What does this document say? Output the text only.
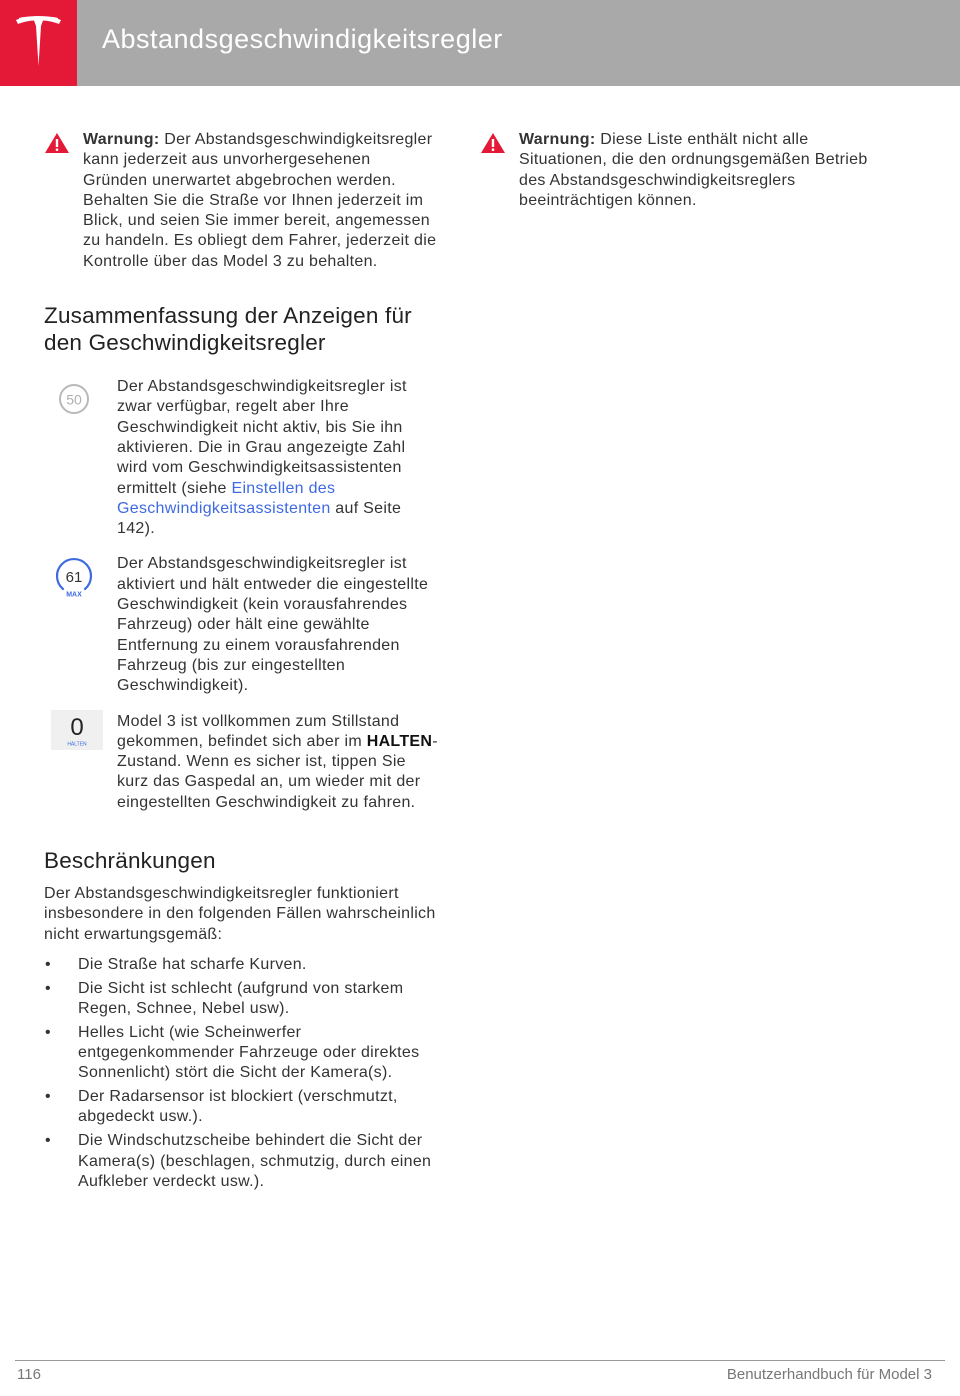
Abstandsgeschwindigkeitsregler

Warnung: Der Abstandsgeschwindigkeitsregler kann jederzeit aus unvorhergesehenen Gründen unerwartet abgebrochen werden. Behalten Sie die Straße vor Ihnen jederzeit im Blick, und seien Sie immer bereit, angemessen zu handeln. Es obliegt dem Fahrer, jederzeit die Kontrolle über das Model 3 zu behalten.

Zusammenfassung der Anzeigen für den Geschwindigkeitsregler
50

Der Abstandsgeschwindigkeitsregler ist zwar verfügbar, regelt aber Ihre Geschwindigkeit nicht aktiv, bis Sie ihn aktivieren. Die in Grau angezeigte Zahl wird vom Geschwindigkeitsassistenten ermittelt (siehe Einstellen des Geschwindigkeitsassistenten auf Seite 142).

61
MAX

Der Abstandsgeschwindigkeitsregler ist aktiviert und hält entweder die eingestellte Geschwindigkeit (kein vorausfahrendes Fahrzeug) oder hält eine gewählte Entfernung zu einem vorausfahrenden Fahrzeug (bis zur eingestellten Geschwindigkeit).

0
HALTEN

Model 3 ist vollkommen zum Stillstand gekommen, befindet sich aber im HALTEN-Zustand. Wenn es sicher ist, tippen Sie kurz das Gaspedal an, um wieder mit der eingestellten Geschwindigkeit zu fahren.

Beschränkungen

Der Abstandsgeschwindigkeitsregler funktioniert insbesondere in den folgenden Fällen wahrscheinlich nicht erwartungsgemäß:

• Die Straße hat scharfe Kurven.
• Die Sicht ist schlecht (aufgrund von starkem Regen, Schnee, Nebel usw).
• Helles Licht (wie Scheinwerfer entgegenkommender Fahrzeuge oder direktes Sonnenlicht) stört die Sicht der Kamera(s).
• Der Radarsensor ist blockiert (verschmutzt, abgedeckt usw.).
• Die Windschutzscheibe behindert die Sicht der Kamera(s) (beschlagen, schmutzig, durch einen Aufkleber verdeckt usw.).

Warnung: Diese Liste enthält nicht alle Situationen, die den ordnungsgemäßen Betrieb des Abstandsgeschwindigkeitsreglers beeinträchtigen können.

116	Benutzerhandbuch für Model 3
